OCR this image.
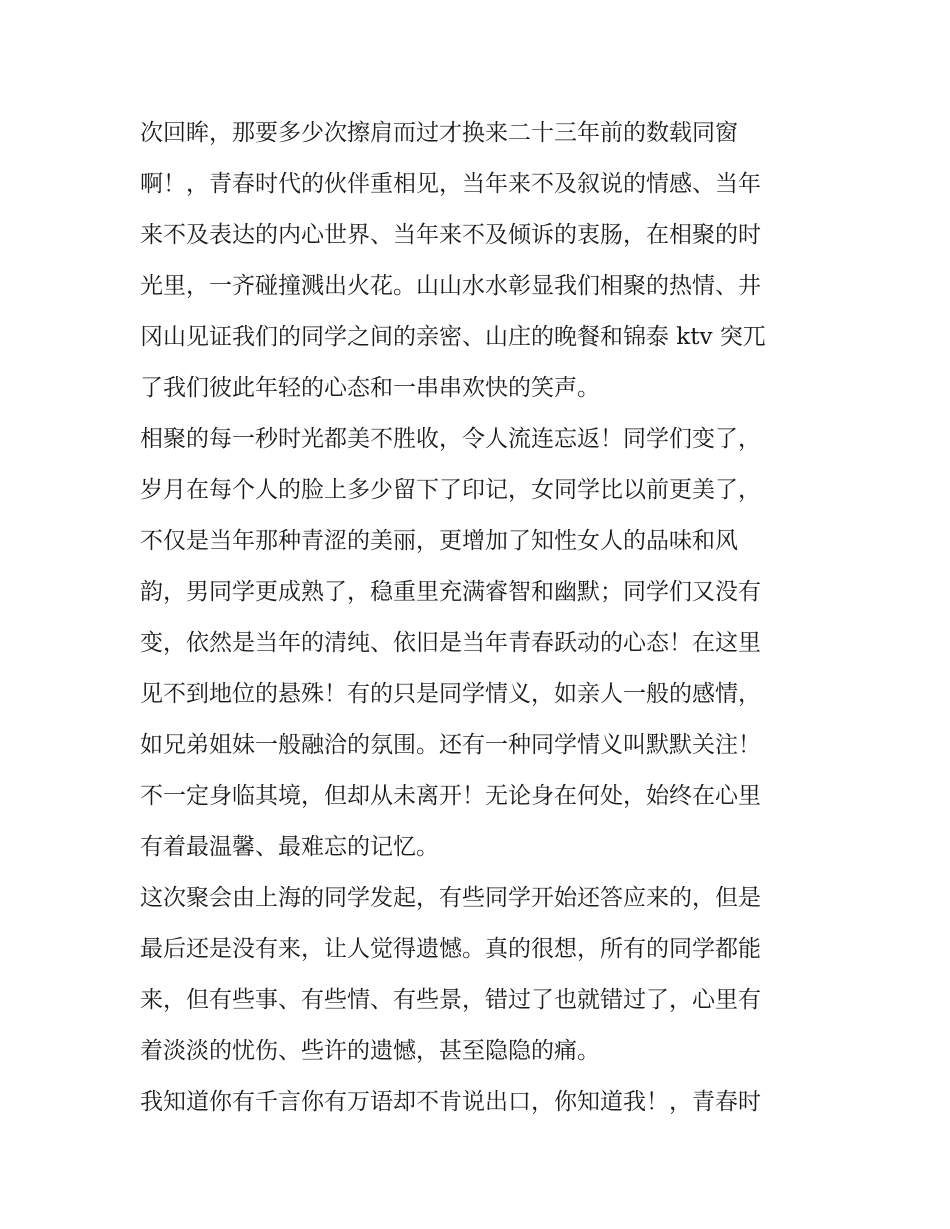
次回眸，那要多少次擦肩而过才换来二十三年前的数载同窗
啊！，青春时代的伙伴重相见，当年来不及叙说的情感、当年
来不及表达的内心世界、当年来不及倾诉的衷肠，在相聚的时
光里，一齐碰撞溅出火花。山山水水彰显我们相聚的热情、井
冈山见证我们的同学之间的亲密、山庄的晚餐和锦泰 ktv 突兀
了我们彼此年轻的心态和一串串欢快的笑声。

相聚的每一秒时光都美不胜收，令人流连忘返！同学们变了，
岁月在每个人的脸上多少留下了印记，女同学比以前更美了，
不仅是当年那种青涩的美丽，更增加了知性女人的品味和风
韵，男同学更成熟了，稳重里充满睿智和幽默；同学们又没有
变，依然是当年的清纯、依旧是当年青春跃动的心态！在这里
见不到地位的悬殊！有的只是同学情义，如亲人一般的感情，
如兄弟姐妹一般融洽的氛围。还有一种同学情义叫默默关注！
不一定身临其境，但却从未离开！无论身在何处，始终在心里
有着最温馨、最难忘的记忆。

这次聚会由上海的同学发起，有些同学开始还答应来的，但是
最后还是没有来，让人觉得遗憾。真的很想，所有的同学都能
来，但有些事、有些情、有些景，错过了也就错过了，心里有
着淡淡的忧伤、些许的遗憾，甚至隐隐的痛。

我知道你有千言你有万语却不肯说出口，你知道我！，青春时
